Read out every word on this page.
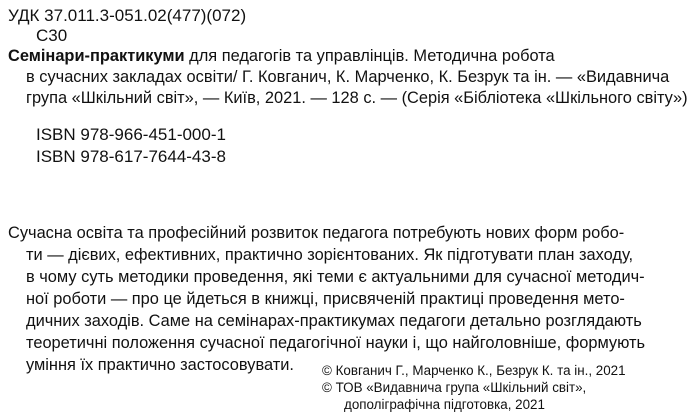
УДК 37.011.3-051.02(477)(072)
С30
Семінари-практикуми для педагогів та управлінців. Методична робота
в сучасних закладах освіти/ Г. Ковганич, К. Марченко, К. Безрук та ін. — «Видавнича
група «Шкільний світ», — Київ, 2021. — 128 с. — (Серія «Бібліотека «Шкільного світу»)
ISBN 978-966-451-000-1
ISBN 978-617-7644-43-8
Сучасна освіта та професійний розвиток педагога потребують нових форм робо-
ти — дієвих, ефективних, практично зорієнтованих. Як підготувати план заходу,
в чому суть методики проведення, які теми є актуальними для сучасної методич-
ної роботи — про це йдеться в книжці, присвяченій практиці проведення мето-
дичних заходів. Саме на семінарах-практикумах педагоги детально розглядають
теоретичні положення сучасної педагогічної науки і, що найголовніше, формують
уміння їх практично застосовувати.	© Ковганич Г., Марченко К., Безрук К. та ін., 2021
© ТОВ «Видавнича група «Шкільний світ»,
дополіграфічна підготовка, 2021
